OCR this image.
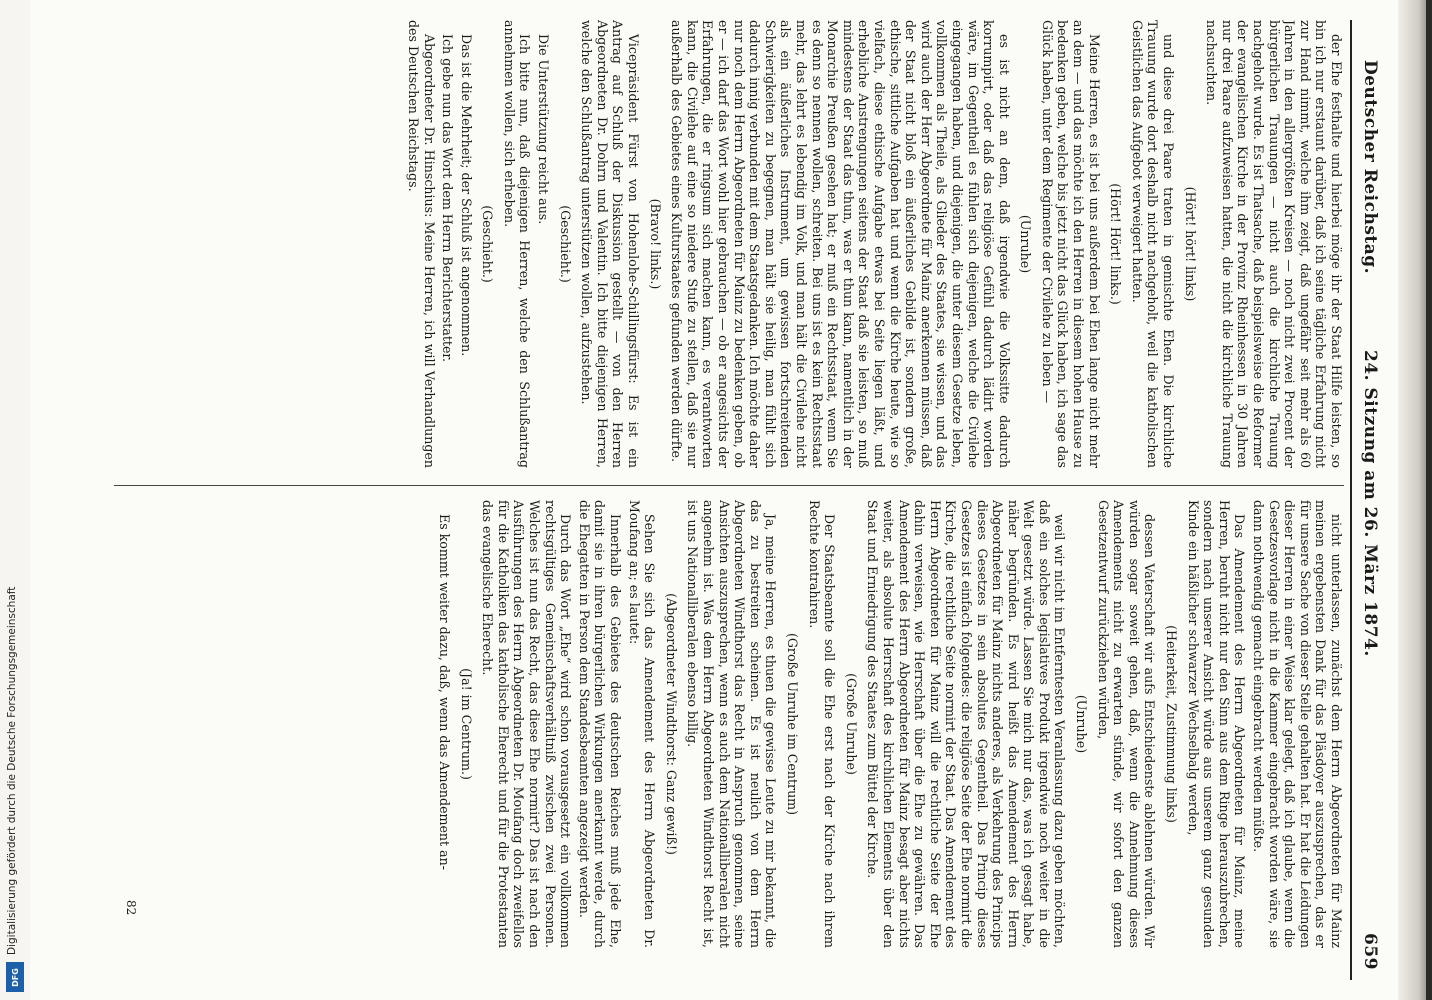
Deutscher Reichstag.
24. Sitzung am 26. März 1874.
659

der Ehe festhalte und hierbei möge ihr der Staat Hilfe leisten, so bin ich nur erstaunt darüber, daß ich seine tägliche Erfahrung nicht zur Hand nimmt, welche ihm zeigt, daß ungefähr seit mehr als 60 Jahren in den allergrößten Kreisen — noch nicht zwei Procent der bürgerlichen Trauungen — nicht auch die kirchliche Trauung nachgeholt wurde. Es ist Thatsache, daß beispielsweise die Reformer der evangelischen Kirche in der Provinz Rheinhessen in 30 Jahren nur drei Paare aufzuweisen hatten, die nicht die kirchliche Trauung nachsuchten.

(Hört! hört! links)

und diese drei Paare traten in gemischte Ehen. Die kirchliche Trauung wurde dort deshalb nicht nachgeholt, weil die katholischen Geistlichen das Aufgebot verweigert hatten.

(Hört! Hört! links.)

Meine Herren, es ist bei uns außerdem bei Ehen lange nicht mehr an dem — und das möchte ich den Herren in diesem hohen Hause zu bedenken geben, welche bis jetzt nicht das Glück haben, ich sage das Glück haben, unter dem Regimente der Civilehe zu leben —

(Unruhe)

es ist nicht an dem, daß irgendwie die Volkssitte dadurch korrumpirt, oder daß das religiöse Gefühl dadurch lädirt worden wäre, im Gegentheil es fühlen sich diejenigen, welche die Civilehe eingegangen haben, und diejenigen, die unter diesem Gesetze leben, vollkommen als Theile, als Glieder des Staates, sie wissen, und das wird auch der Herr Abgeordnete für Mainz anerkennen müssen, daß der Staat nicht bloß ein äußerliches Gebilde ist, sondern große, ethische, sittliche Aufgaben hat und wenn die Kirche heute, wie so vielfach, diese ethische Aufgabe etwas bei Seite liegen läßt, und erhebliche Anstrengungen seitens der Staat daß sie leisten, so muß mindestens der Staat das thun, was er thun kann, namentlich in der Monarchie Preußen gesehen hat; er muß ein Rechtsstaat, wenn Sie es denn so nennen wollen, schreiten. Bei uns ist es kein Rechtsstaat mehr, das lehrt es lebendig im Volk, und man hält die Civilehe nicht als ein äußerliches Instrument, um gewissen fortschreitenden Schwierigkeiten zu begegnen, man hält sie heilig, man fühlt sich dadurch innig verbunden mit dem Staatsgedanken. Ich möchte daher nur noch dem Herrn Abgeordneten für Mainz zu bedenken geben, ob er — ich darf das Wort wohl hier gebrauchen — ob er angesichts der Erfahrungen, die er ringsum sich machen kann, es verantworten kann, die Civilehe auf eine so niedere Stufe zu stellen, daß sie nur außerhalb des Gebietes eines Kulturstaates gefunden werden dürfte.

(Bravo! links.)

Vicepräsident Fürst von Hohenlohe-Schillingsfürst: Es ist ein Antrag auf Schluß der Diskussion gestellt — von den Herren Abgeordneten Dr. Dohrn und Valentin. Ich bitte diejenigen Herren, welche den Schlußantrag unterstützen wollen, aufzustehen.

(Geschieht.)

Die Unterstützung reicht aus.

Ich bitte nun, daß diejenigen Herren, welche den Schlußantrag annehmen wollen, sich erheben.

(Geschieht.)

Das ist die Mehrheit; der Schluß ist angenommen.

Ich gebe nun das Wort dem Herrn Berichterstatter.

Abgeordneter Dr. Hinschius: Meine Herren, ich will Verhandlungen des Deutschen Reichstags.

nicht unterlassen, zunächst dem Herrn Abgeordneten für Mainz meinen ergebensten Dank für das Pläsdoyer auszusprechen, das er für unsere Sache von dieser Stelle gehalten hat. Er hat die Leidungen dieser Herren in einer Weise klar gelegt, daß ich glaube, wenn die Gesetzesvorlage nicht in die Kammer eingebracht worden wäre, sie dann nothwendig gemacht eingebracht werden müßte.

Das Amendement des Herrn Abgeordneten für Mainz, meine Herren, beruht nicht nur den Sinn aus dem Ringe herauszubrechen, sondern nach unserer Ansicht würde aus unserem ganz gesunden Kinde ein häßlicher schwarzer Wechselbalg werden,

(Heiterkeit, Zustimmung links)

dessen Vaterschaft wir aufs Entschiedenste ablehnen würden. Wir würden sogar soweit gehen, daß, wenn die Annehmung dieses Amendements nicht zu erwarten stünde, wir sofort den ganzen Gesetzentwurf zurückziehen würden,

(Unruhe)

weil wir nicht im Entferntesten Veranlassung dazu geben möchten, daß ein solches legislatives Produkt irgendwie noch weiter in die Welt gesetzt würde. Lassen Sie mich nur das, was ich gesagt habe, näher begründen. Es wird heißt das Amendement des Herrn Abgeordneten für Mainz nichts anderes, als Verkehrung des Princips dieses Gesetzes in sein absolutes Gegentheil. Das Princip dieses Gesetzes ist einfach folgendes: die religiöse Seite der Ehe normirt die Kirche, die rechtliche Seite normirt der Staat. Das Amendement des Herrn Abgeordneten für Mainz will die rechtliche Seite der Ehe dahin verweisen, wie Herrschaft über die Ehe zu gewähren. Das Amendement des Herrn Abgeordneten für Mainz besagt aber nichts weiter, als absolute Herrschaft des kirchlichen Elements über den Staat und Erniedrigung des Staates zum Büttel der Kirche.

(Große Unruhe)

Der Staatsbeamte soll die Ehe erst nach der Kirche nach ihrem Rechte kontrahiren.

(Große Unruhe im Centrum)

Ja, meine Herren, es thuen die gewisse Leute zu mir bekannt, die das zu bestreiten scheinen. Es ist neulich von dem Herrn Abgeordneten Windthorst das Recht in Anspruch genommen, seine Ansichten auszusprechen, wenn es auch dem Nationalliberalen nicht angenehm ist. Was dem Herrn Abgeordneten Windthorst Recht ist, ist uns Nationalliberalen ebenso billig.

(Abgeordneter Windthorst: Ganz gewiß!)

Sehen Sie sich das Amendement des Herrn Abgeordneten Dr. Moufang an; es lautet:

Innerhalb des Gebietes des deutschen Reiches muß jede Ehe, damit sie in ihren bürgerlichen Wirkungen anerkannt werde, durch die Ehegatten in Person dem Standesbeamten angezeigt werden.

Durch das Wort „Ehe“ wird schon vorausgesetzt ein vollkommen rechtsgültiges Gemeinschaftsverhältniß zwischen zwei Personen. Welches ist nun das Recht, das diese Ehe normirt? Das ist nach den Ausführungen des Herrn Abgeordneten Dr. Moufang doch zweifellos für die Katholiken das katholische Eherecht und für die Protestanten das evangelische Eherecht.

(Ja! im Centrum.)

Es kommt weiter dazu, daß, wenn das Amendement an-

82
Digitalisierung gefördert durch die Deutsche Forschungsgemeinschaft
DFG
